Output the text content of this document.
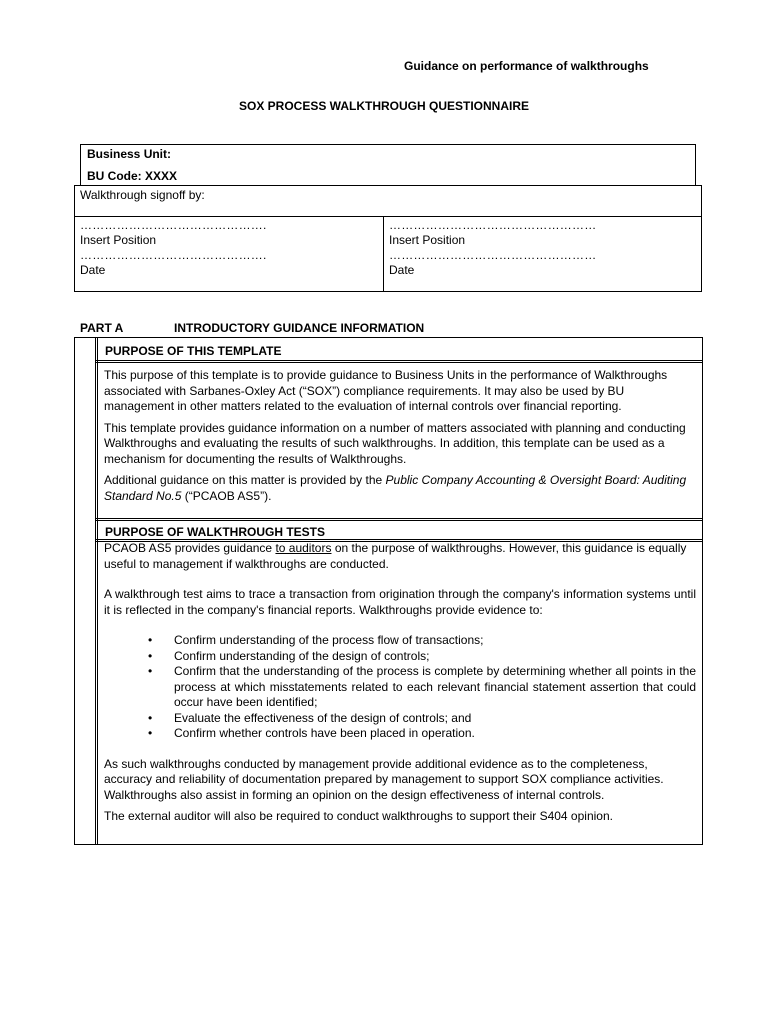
Guidance on performance of walkthroughs
SOX PROCESS WALKTHROUGH QUESTIONNAIRE
Business Unit:
BU Code: XXXX
Walkthrough signoff by:
……………………………………….
Insert Position
……………………………………….
Date
……………………………………………
Insert Position
……………………………………………
Date
PART A	INTRODUCTORY GUIDANCE INFORMATION
PURPOSE OF THIS TEMPLATE

This purpose of this template is to provide guidance to Business Units in the performance of Walkthroughs associated with Sarbanes-Oxley Act (“SOX”) compliance requirements. It may also be used by BU management in other matters related to the evaluation of internal controls over financial reporting.

This template provides guidance information on a number of matters associated with planning and conducting Walkthroughs and evaluating the results of such walkthroughs. In addition, this template can be used as a mechanism for documenting the results of Walkthroughs.

Additional guidance on this matter is provided by the Public Company Accounting & Oversight Board: Auditing Standard No.5 (“PCAOB AS5”).

PURPOSE OF WALKTHROUGH TESTS

PCAOB AS5 provides guidance to auditors on the purpose of walkthroughs. However, this guidance is equally useful to management if walkthroughs are conducted.

A walkthrough test aims to trace a transaction from origination through the company's information systems until it is reflected in the company's financial reports. Walkthroughs provide evidence to:

• Confirm understanding of the process flow of transactions;
• Confirm understanding of the design of controls;
• Confirm that the understanding of the process is complete by determining whether all points in the process at which misstatements related to each relevant financial statement assertion that could occur have been identified;
• Evaluate the effectiveness of the design of controls; and
• Confirm whether controls have been placed in operation.

As such walkthroughs conducted by management provide additional evidence as to the completeness, accuracy and reliability of documentation prepared by management to support SOX compliance activities. Walkthroughs also assist in forming an opinion on the design effectiveness of internal controls.

The external auditor will also be required to conduct walkthroughs to support their S404 opinion.
